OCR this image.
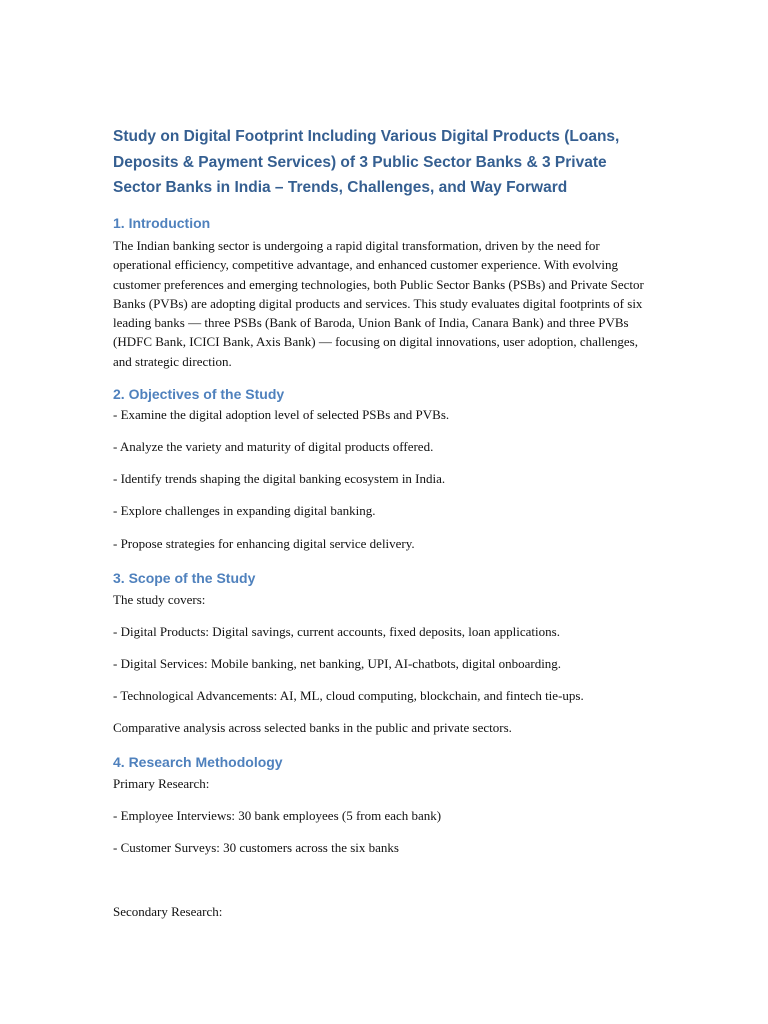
Study on Digital Footprint Including Various Digital Products (Loans, Deposits & Payment Services) of 3 Public Sector Banks & 3 Private Sector Banks in India – Trends, Challenges, and Way Forward
1. Introduction

The Indian banking sector is undergoing a rapid digital transformation, driven by the need for operational efficiency, competitive advantage, and enhanced customer experience. With evolving customer preferences and emerging technologies, both Public Sector Banks (PSBs) and Private Sector Banks (PVBs) are adopting digital products and services. This study evaluates digital footprints of six leading banks — three PSBs (Bank of Baroda, Union Bank of India, Canara Bank) and three PVBs (HDFC Bank, ICICI Bank, Axis Bank) — focusing on digital innovations, user adoption, challenges, and strategic direction.

2. Objectives of the Study

- Examine the digital adoption level of selected PSBs and PVBs.

- Analyze the variety and maturity of digital products offered.

- Identify trends shaping the digital banking ecosystem in India.

- Explore challenges in expanding digital banking.

- Propose strategies for enhancing digital service delivery.

3. Scope of the Study

The study covers:

- Digital Products: Digital savings, current accounts, fixed deposits, loan applications.

- Digital Services: Mobile banking, net banking, UPI, AI-chatbots, digital onboarding.

- Technological Advancements: AI, ML, cloud computing, blockchain, and fintech tie-ups.

Comparative analysis across selected banks in the public and private sectors.

4. Research Methodology

Primary Research:

- Employee Interviews: 30 bank employees (5 from each bank)

- Customer Surveys: 30 customers across the six banks

Secondary Research:
